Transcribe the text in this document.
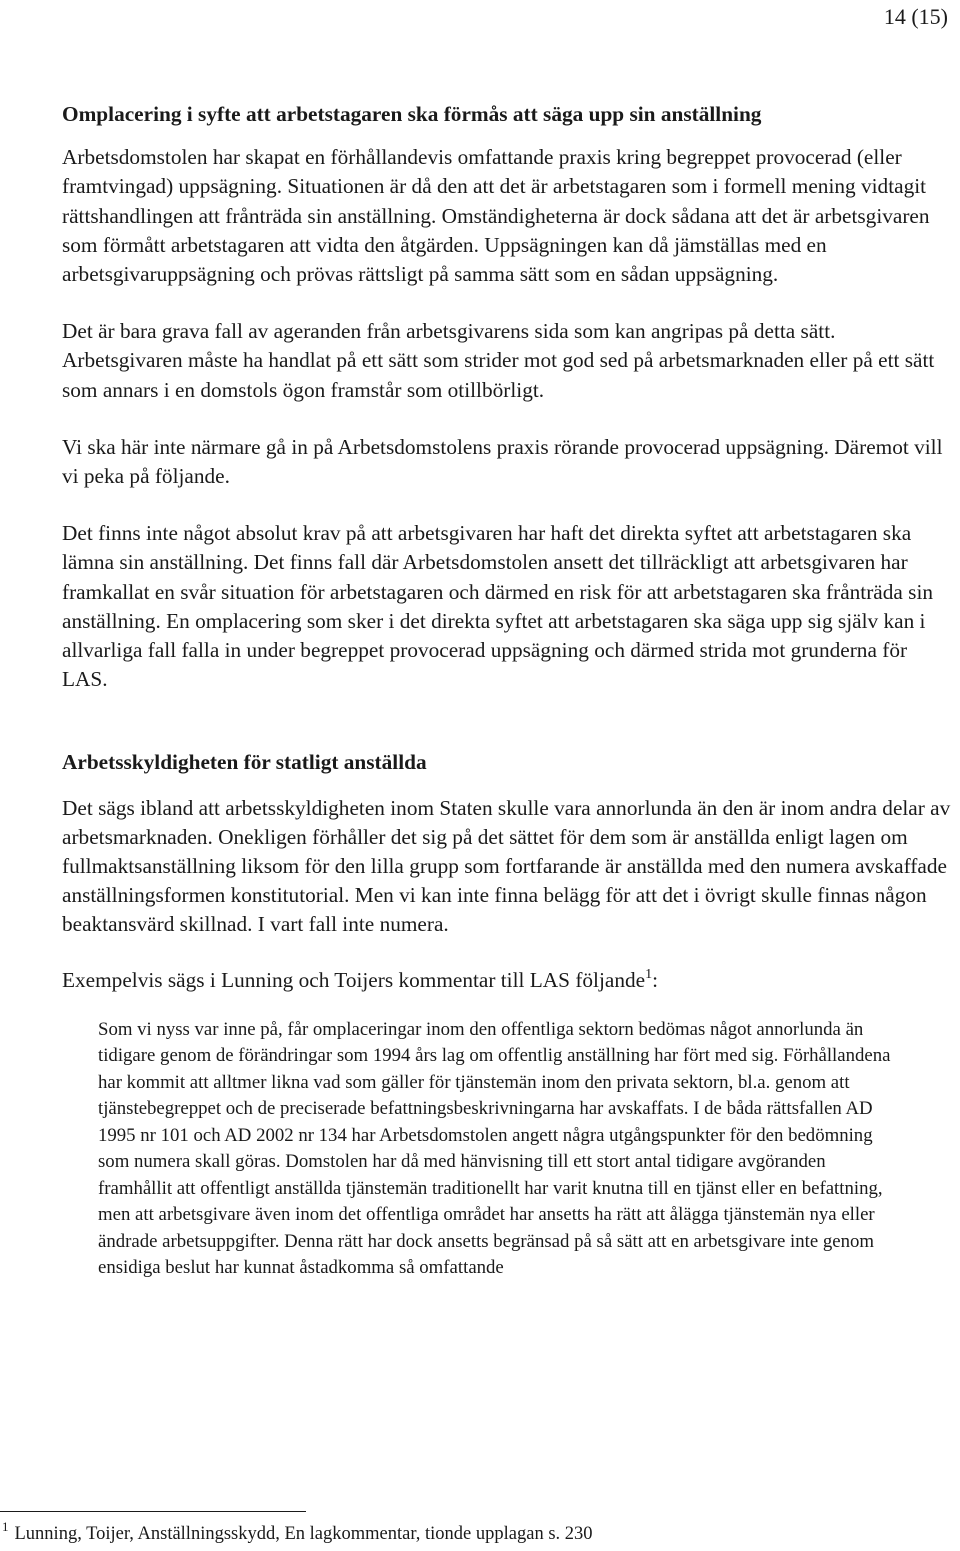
14 (15)

Omplacering i syfte att arbetstagaren ska förmås att säga upp sin anställning

Arbetsdomstolen har skapat en förhållandevis omfattande praxis kring begreppet provocerad (eller framtvingad) uppsägning. Situationen är då den att det är arbetstagaren som i formell mening vidtagit rättshandlingen att frånträda sin anställning. Omständigheterna är dock sådana att det är arbetsgivaren som förmått arbetstagaren att vidta den åtgärden. Uppsägningen kan då jämställas med en arbetsgivaruppsägning och prövas rättsligt på samma sätt som en sådan uppsägning.

Det är bara grava fall av ageranden från arbetsgivarens sida som kan angripas på detta sätt. Arbetsgivaren måste ha handlat på ett sätt som strider mot god sed på arbetsmarknaden eller på ett sätt som annars i en domstols ögon framstår som otillbörligt.

Vi ska här inte närmare gå in på Arbetsdomstolens praxis rörande provocerad uppsägning. Däremot vill vi peka på följande.

Det finns inte något absolut krav på att arbetsgivaren har haft det direkta syftet att arbetstagaren ska lämna sin anställning. Det finns fall där Arbetsdomstolen ansett det tillräckligt att arbetsgivaren har framkallat en svår situation för arbetstagaren och därmed en risk för att arbetstagaren ska frånträda sin anställning. En omplacering som sker i det direkta syftet att arbetstagaren ska säga upp sig själv kan i allvarliga fall falla in under begreppet provocerad uppsägning och därmed strida mot grunderna för LAS.

Arbetsskyldigheten för statligt anställda

Det sägs ibland att arbetsskyldigheten inom Staten skulle vara annorlunda än den är inom andra delar av arbetsmarknaden. Onekligen förhåller det sig på det sättet för dem som är anställda enligt lagen om fullmaktsanställning liksom för den lilla grupp som fortfarande är anställda med den numera avskaffade anställningsformen konstitutorial. Men vi kan inte finna belägg för att det i övrigt skulle finnas någon beaktansvärd skillnad. I vart fall inte numera.

Exempelvis sägs i Lunning och Toijers kommentar till LAS följande$^1$:

Som vi nyss var inne på, får omplaceringar inom den offentliga sektorn bedömas något annorlunda än tidigare genom de förändringar som 1994 års lag om offentlig anställning har fört med sig. Förhållandena har kommit att alltmer likna vad som gäller för tjänstemän inom den privata sektorn, bl.a. genom att tjänstebegreppet och de preciserade befattningsbeskrivningarna har avskaffats. I de båda rättsfallen AD 1995 nr 101 och AD 2002 nr 134 har Arbetsdomstolen angett några utgångspunkter för den bedömning som numera skall göras. Domstolen har då med hänvisning till ett stort antal tidigare avgöranden framhållit att offentligt anställda tjänstemän traditionellt har varit knutna till en tjänst eller en befattning, men att arbetsgivare även inom det offentliga området har ansetts ha rätt att ålägga tjänstemän nya eller ändrade arbetsuppgifter. Denna rätt har dock ansetts begränsad på så sätt att en arbetsgivare inte genom ensidiga beslut har kunnat åstadkomma så omfattande

$^1$ Lunning, Toijer, Anställningsskydd, En lagkommentar, tionde upplagan s. 230
